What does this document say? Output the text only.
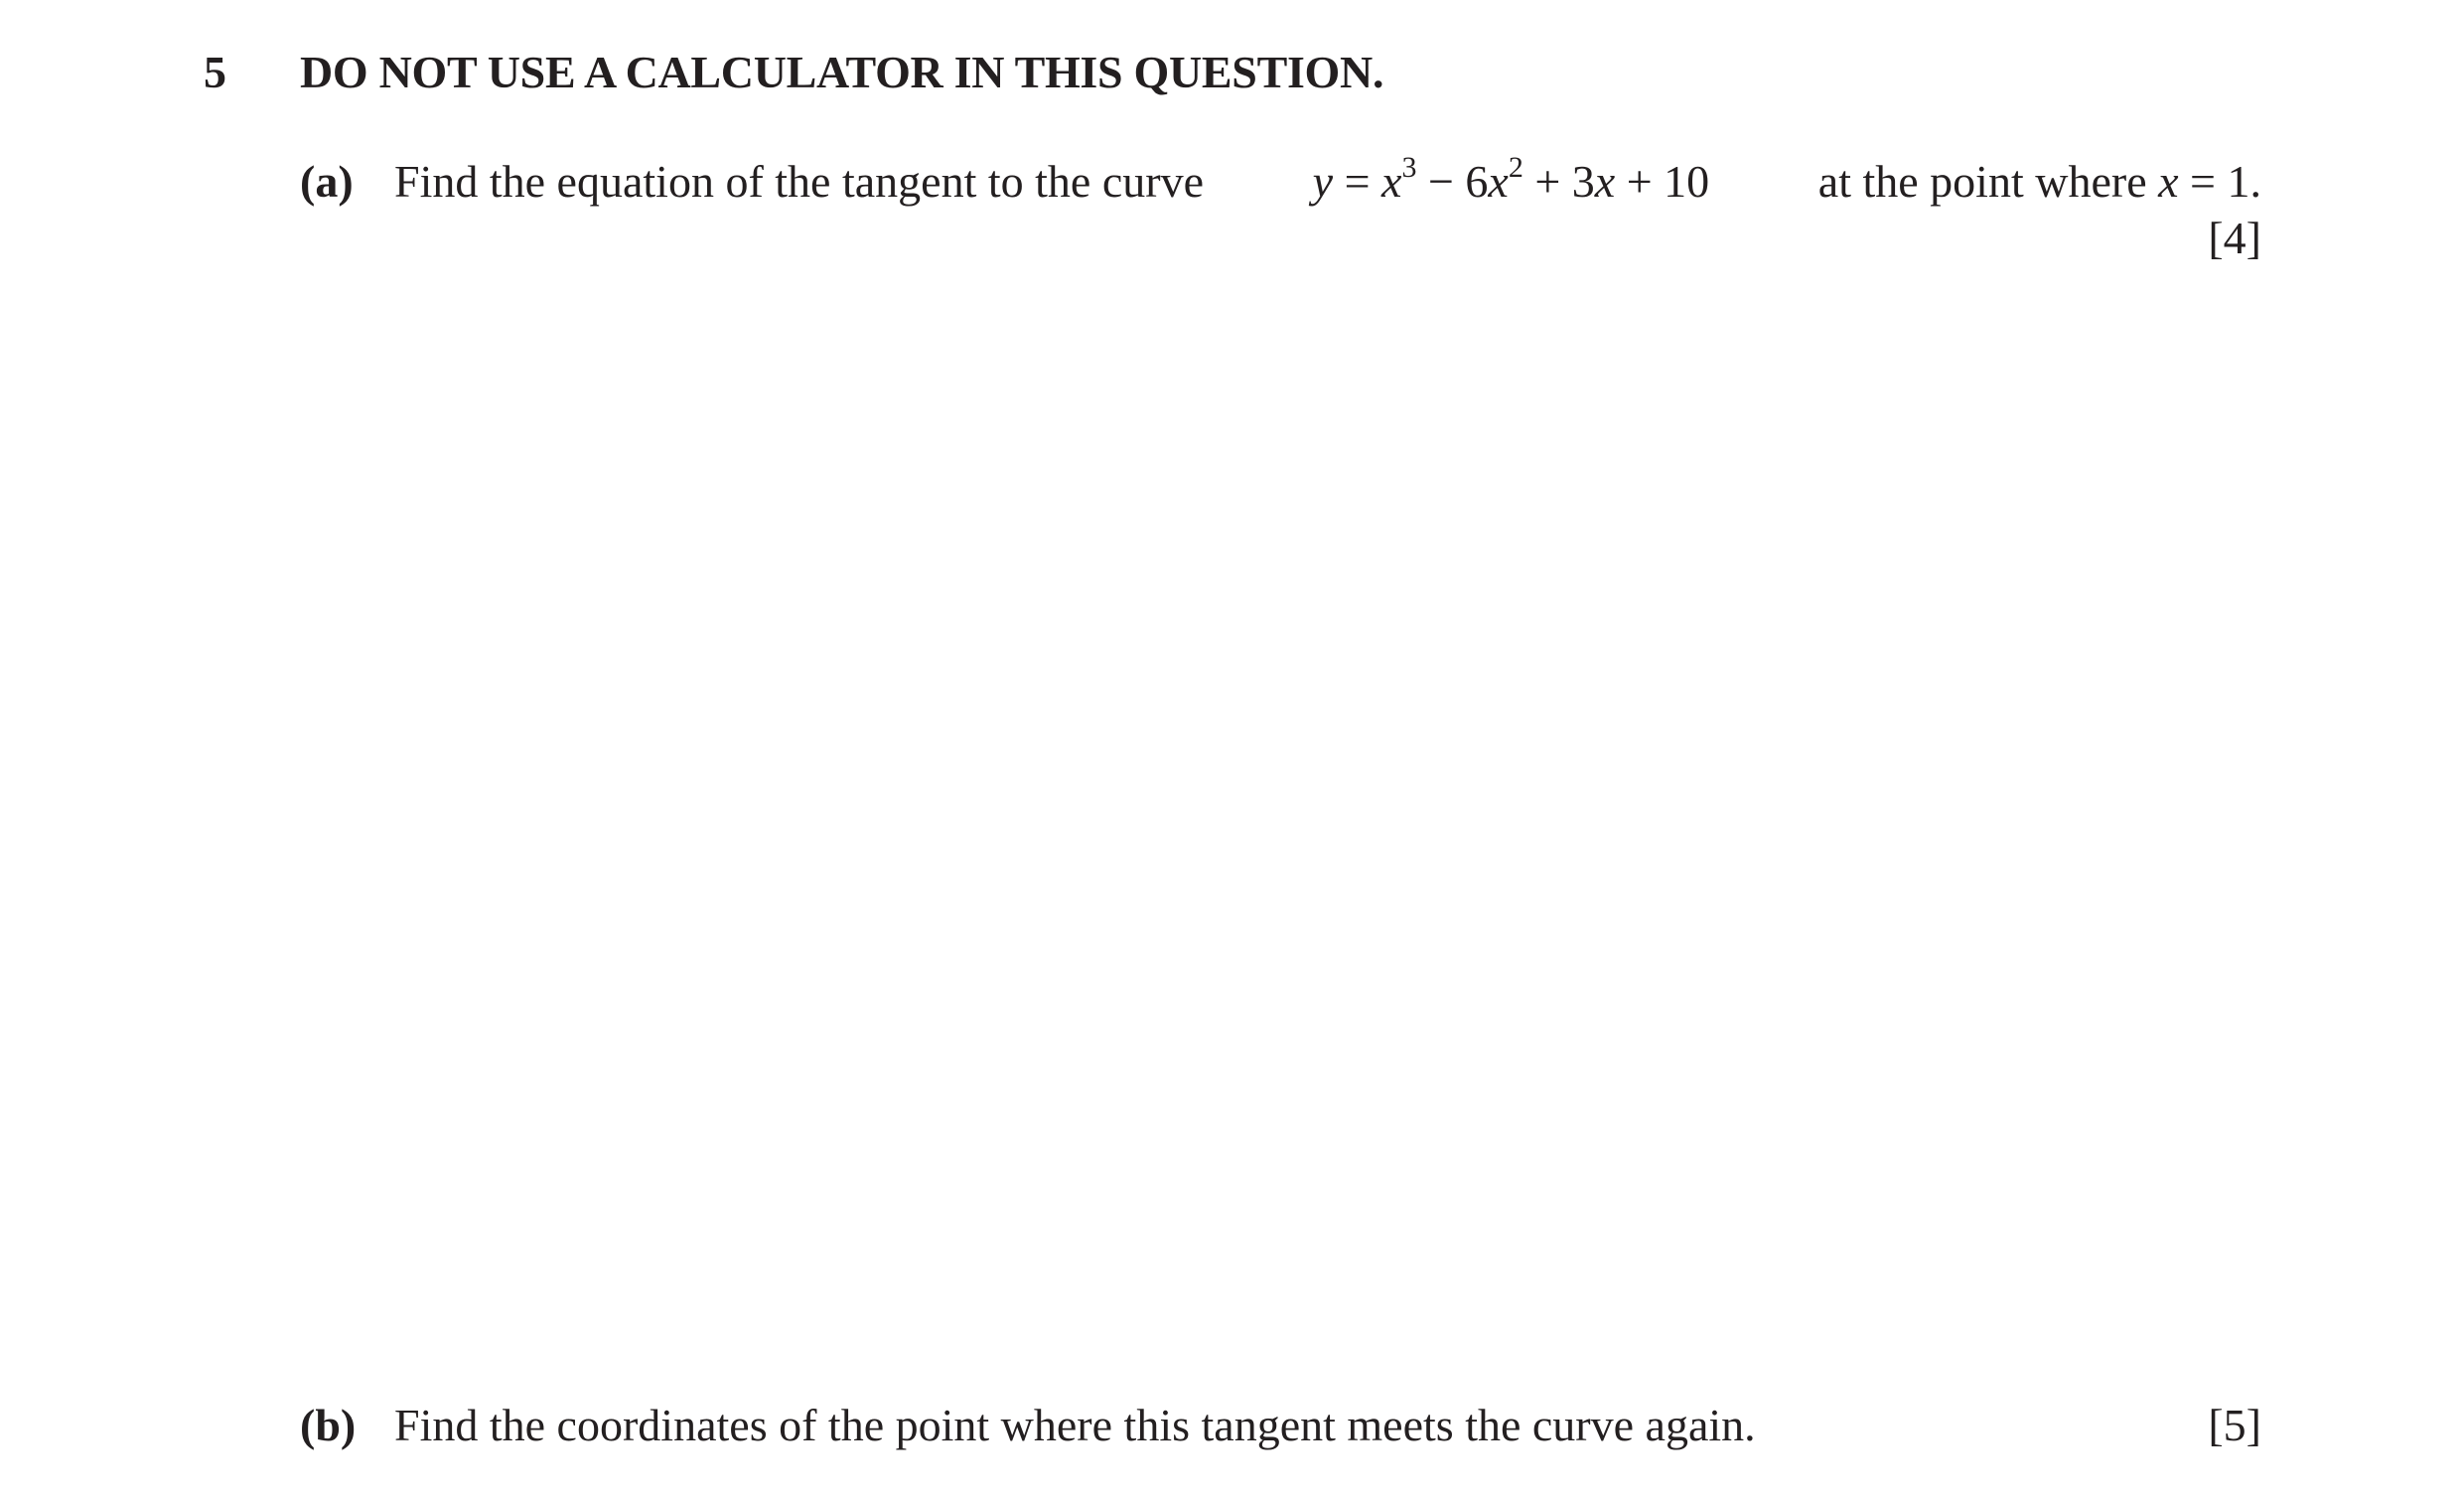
5 DO NOT USE A CALCULATOR IN THIS QUESTION.
(a) Find the equation of the tangent to the curve $y = x^3 - 6x^2 + 3x + 10$ at the point where x = 1.
[4]
(b) Find the coordinates of the point where this tangent meets the curve again.	[5]
